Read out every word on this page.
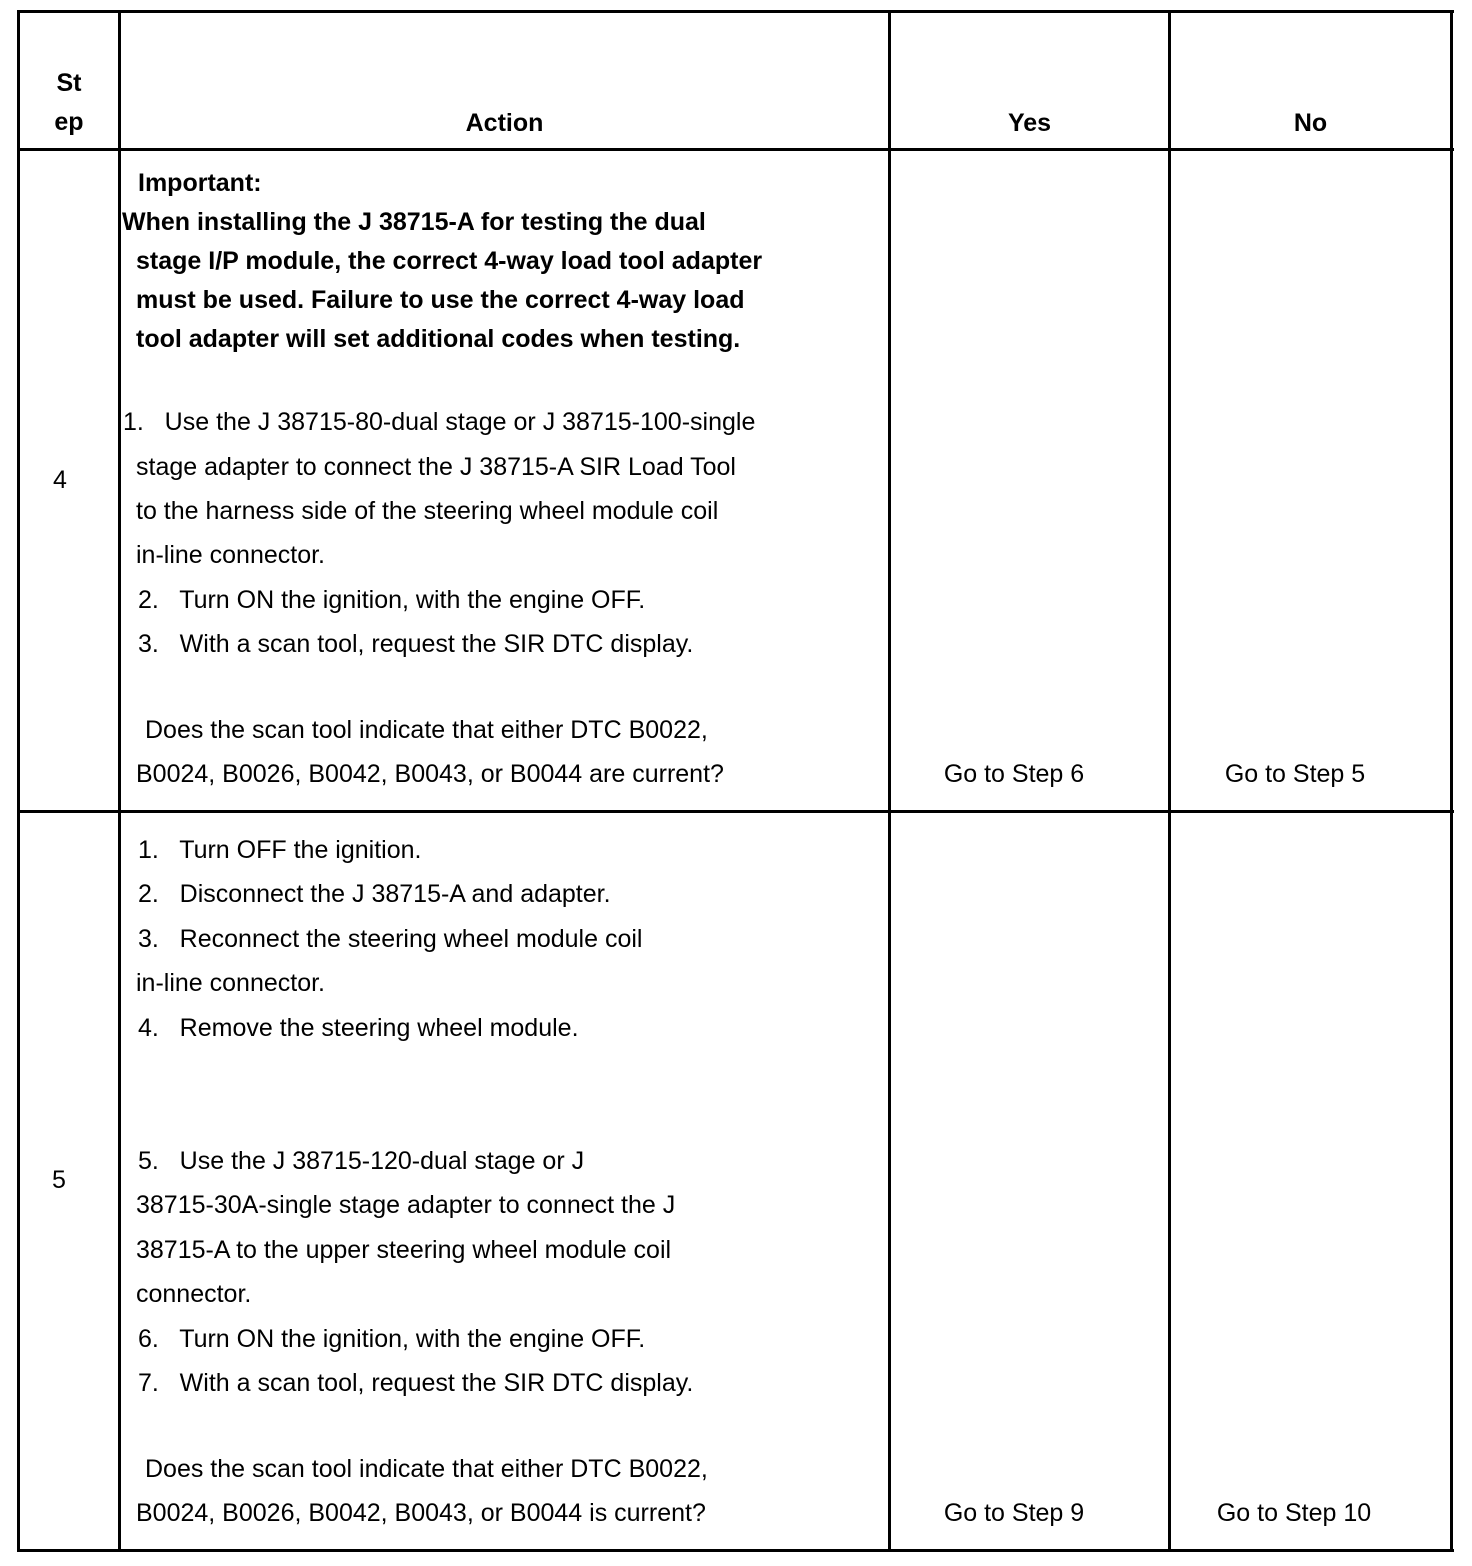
St
ep	Action	Yes	No
4
Important:
When installing the J 38715-A for testing the dual
stage I/P module, the correct 4-way load tool adapter
must be used. Failure to use the correct 4-way load
tool adapter will set additional codes when testing.
1.   Use the J 38715-80-dual stage or J 38715-100-single
stage adapter to connect the J 38715-A SIR Load Tool
to the harness side of the steering wheel module coil
in-line connector.
2.   Turn ON the ignition, with the engine OFF.
3.   With a scan tool, request the SIR DTC display.
Does the scan tool indicate that either DTC B0022,
B0024, B0026, B0042, B0043, or B0044 are current?	Go to Step 6	Go to Step 5
5
1.   Turn OFF the ignition.
2.   Disconnect the J 38715-A and adapter.
3.   Reconnect the steering wheel module coil
in-line connector.
4.   Remove the steering wheel module.
5.   Use the J 38715-120-dual stage or J
38715-30A-single stage adapter to connect the J
38715-A to the upper steering wheel module coil
connector.
6.   Turn ON the ignition, with the engine OFF.
7.   With a scan tool, request the SIR DTC display.
Does the scan tool indicate that either DTC B0022,
B0024, B0026, B0042, B0043, or B0044 is current?	Go to Step 9	Go to Step 10
